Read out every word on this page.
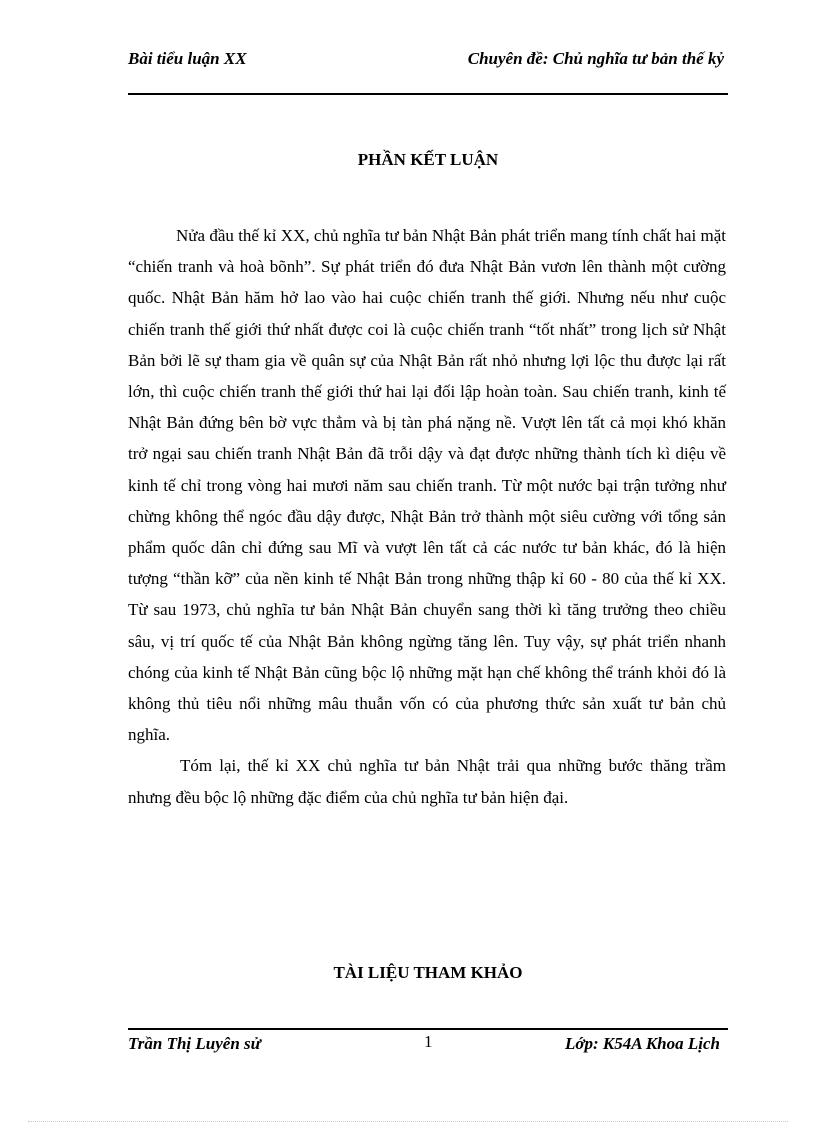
Bài tiểu luận XX	Chuyên đề: Chủ nghĩa tư bản thế kỷ
PHẦN KẾT LUẬN

Nửa đầu thế kỉ XX, chủ nghĩa tư bản Nhật Bản phát triển mang tính chất hai mặt “chiến tranh và hoà bõnh”. Sự phát triển đó đưa Nhật Bản vươn lên thành một cường quốc. Nhật Bản hăm hở lao vào hai cuộc chiến tranh thế giới. Nhưng nếu như cuộc chiến tranh thế giới thứ nhất được coi là cuộc chiến tranh “tốt nhất” trong lịch sử Nhật Bản bởi lẽ sự tham gia về quân sự của Nhật Bản rất nhỏ nhưng lợi lộc thu được lại rất lớn, thì cuộc chiến tranh thế giới thứ hai lại đối lập hoàn toàn. Sau chiến tranh, kinh tế Nhật Bản đứng bên bờ vực thẳm và bị tàn phá nặng nề. Vượt lên tất cả mọi khó khăn trở ngại sau chiến tranh Nhật Bản đã trỗi dậy và đạt được những thành tích kì diệu về kinh tế chỉ trong vòng hai mươi năm sau chiến tranh. Từ một nước bại trận tưởng như chừng không thể ngóc đầu dậy được, Nhật Bản trở thành một siêu cường với tổng sản phẩm quốc dân chỉ đứng sau Mĩ và vượt lên tất cả các nước tư bản khác, đó là hiện tượng “thần kỡ” của nền kinh tế Nhật Bản trong những thập kỉ 60 - 80 của thế kỉ XX. Từ sau 1973, chủ nghĩa tư bản Nhật Bản chuyển sang thời kì tăng trưởng theo chiều sâu, vị trí quốc tế của Nhật Bản không ngừng tăng lên. Tuy vậy, sự phát triển nhanh chóng của kinh tế Nhật Bản cũng bộc lộ những mặt hạn chế không thể tránh khỏi đó là không thủ tiêu nổi những mâu thuẫn vốn có của phương thức sản xuất tư bản chủ nghĩa.

Tóm lại, thế kỉ XX chủ nghĩa tư bản Nhật trải qua những bước thăng trầm nhưng đều bộc lộ những đặc điểm của chủ nghĩa tư bản hiện đại.

TÀI LIỆU THAM KHẢO
Trần Thị Luyên sử	1	Lớp: K54A Khoa Lịch
